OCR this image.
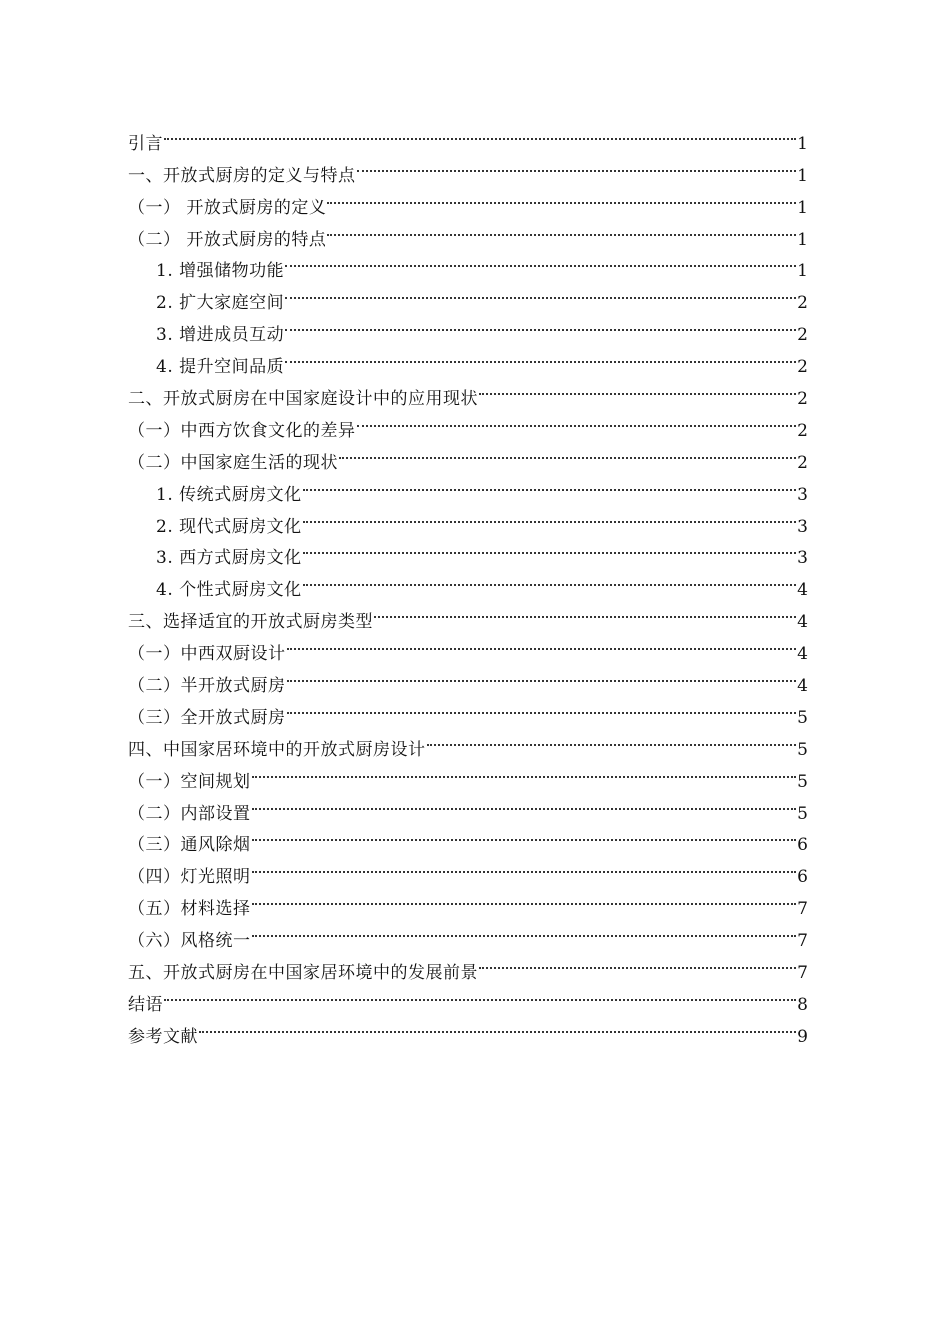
引言	1
一、开放式厨房的定义与特点	1
（一） 开放式厨房的定义	1
（二） 开放式厨房的特点	1
1. 增强储物功能	1
2. 扩大家庭空间	2
3. 增进成员互动	2
4. 提升空间品质	2
二、开放式厨房在中国家庭设计中的应用现状	2
（一）中西方饮食文化的差异	2
（二）中国家庭生活的现状	2
1. 传统式厨房文化	3
2. 现代式厨房文化	3
3. 西方式厨房文化	3
4. 个性式厨房文化	4
三、选择适宜的开放式厨房类型	4
（一）中西双厨设计	4
（二）半开放式厨房	4
（三）全开放式厨房	5
四、中国家居环境中的开放式厨房设计	5
（一）空间规划	5
（二）内部设置	5
（三）通风除烟	6
（四）灯光照明	6
（五）材料选择	7
（六）风格统一	7
五、开放式厨房在中国家居环境中的发展前景	7
结语	8
参考文献	9
